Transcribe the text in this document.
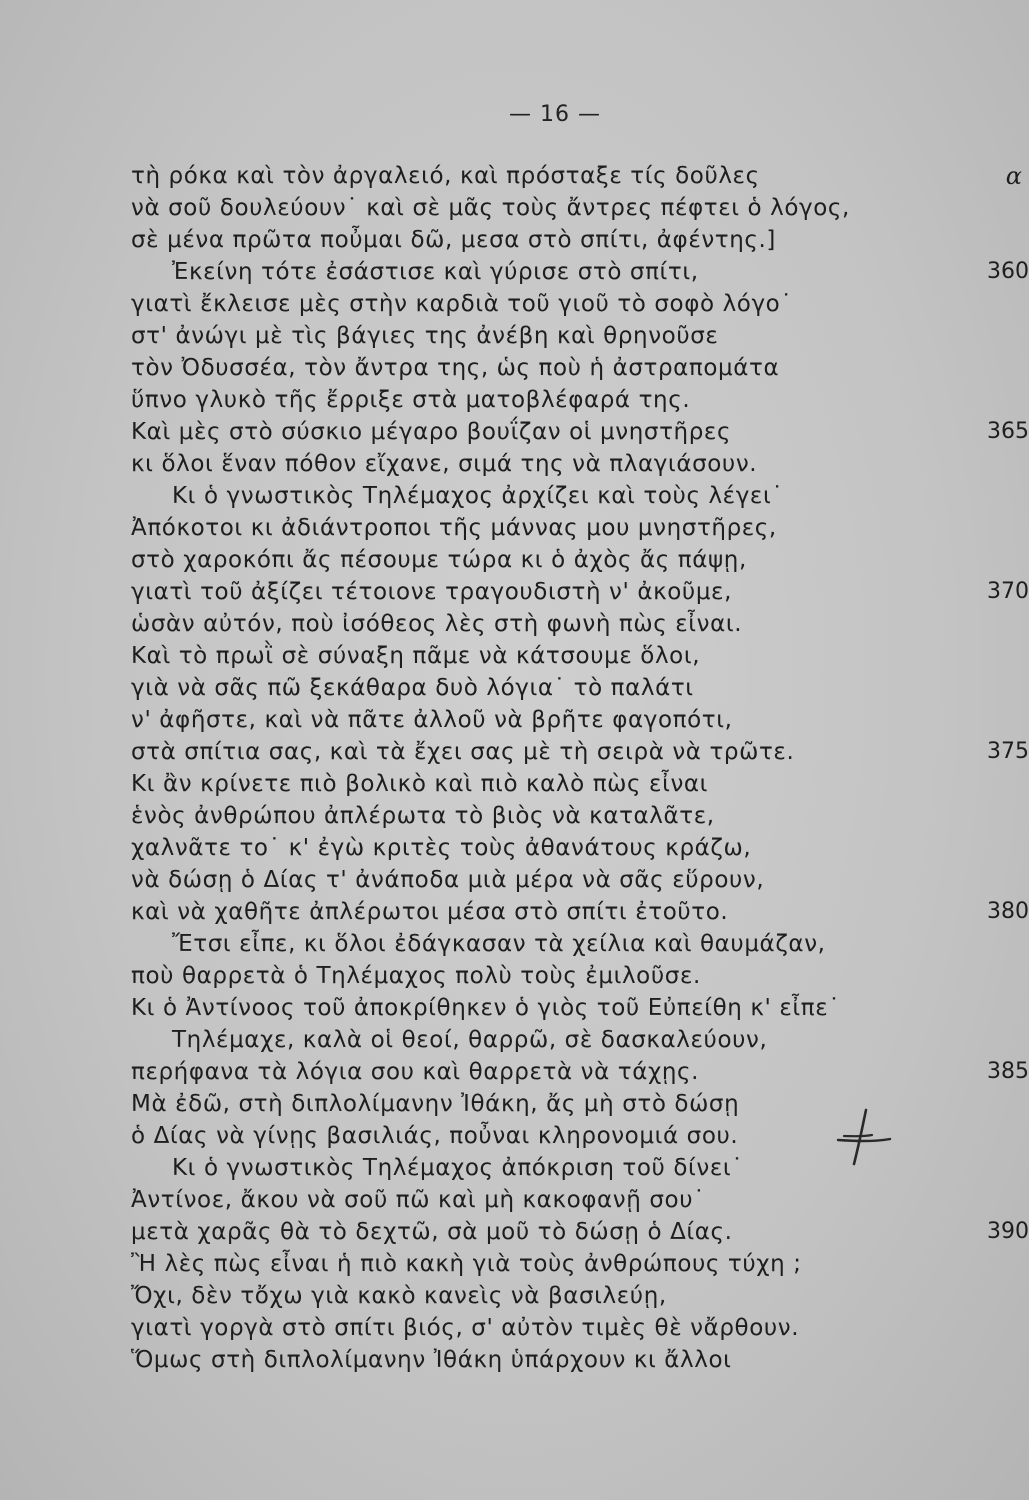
— 16 —
τὴ ρόκα καὶ τὸν ἀργαλειό, καὶ πρόσταξε τίς δοῦλες	α
νὰ σοῦ δουλεύουν˙ καὶ σὲ μᾶς τοὺς ἄντρες πέφτει ὁ λόγος,
σὲ μένα πρῶτα ποὖμαι δῶ, μεσα στὸ σπίτι, ἀφέντης.]
Ἐκείνη τότε ἐσάστισε καὶ γύρισε στὸ σπίτι,	360
γιατὶ ἔκλεισε μὲς στὴν καρδιὰ τοῦ γιοῦ τὸ σοφὸ λόγο˙
στ' ἀνώγι μὲ τὶς βάγιες της ἀνέβη καὶ θρηνοῦσε
τὸν Ὀδυσσέα, τὸν ἄντρα της, ὡς ποὺ ἡ ἀστραπομάτα
ὕπνο γλυκὸ τῆς ἔρριξε στὰ ματοβλέφαρά της.
Καὶ μὲς στὸ σύσκιο μέγαρο βουΐζαν οἱ μνηστῆρες	365
κι ὅλοι ἕναν πόθον εἴχανε, σιμά της νὰ πλαγιάσουν.
Κι ὁ γνωστικὸς Τηλέμαχος ἀρχίζει καὶ τοὺς λέγει˙
Ἀπόκοτοι κι ἀδιάντροποι τῆς μάννας μου μνηστῆρες,
στὸ χαροκόπι ἄς πέσουμε τώρα κι ὁ ἀχὸς ἄς πάψῃ,
γιατὶ τοῦ ἀξίζει τέτοιονε τραγουδιστὴ ν' ἀκοῦμε,	370
ὡσὰν αὐτόν, ποὺ ἰσόθεος λὲς στὴ φωνὴ πὼς εἶναι.
Καὶ τὸ πρωῒ σὲ σύναξη πᾶμε νὰ κάτσουμε ὅλοι,
γιὰ νὰ σᾶς πῶ ξεκάθαρα δυὸ λόγια˙ τὸ παλάτι
ν' ἀφῆστε, καὶ νὰ πᾶτε ἀλλοῦ νὰ βρῆτε φαγοπότι,
στὰ σπίτια σας, καὶ τὰ ἔχει σας μὲ τὴ σειρὰ νὰ τρῶτε.	375
Κι ἂν κρίνετε πιὸ βολικὸ καὶ πιὸ καλὸ πὼς εἶναι
ἑνὸς ἀνθρώπου ἀπλέρωτα τὸ βιὸς νὰ καταλᾶτε,
χαλνᾶτε το˙ κ' ἐγὼ κριτὲς τοὺς ἀθανάτους κράζω,
νὰ δώσῃ ὁ Δίας τ' ἀνάποδα μιὰ μέρα νὰ σᾶς εὕρουν,
καὶ νὰ χαθῆτε ἀπλέρωτοι μέσα στὸ σπίτι ἐτοῦτο.	380
Ἔτσι εἶπε, κι ὅλοι ἐδάγκασαν τὰ χείλια καὶ θαυμάζαν,
ποὺ θαρρετὰ ὁ Τηλέμαχος πολὺ τοὺς ἐμιλοῦσε.
Κι ὁ Ἀντίνοος τοῦ ἀποκρίθηκεν ὁ γιὸς τοῦ Εὐπείθη κ' εἶπε˙
Τηλέμαχε, καλὰ οἱ θεοί, θαρρῶ, σὲ δασκαλεύουν,
περήφανα τὰ λόγια σου καὶ θαρρετὰ νὰ τάχῃς.	385
Μὰ ἐδῶ, στὴ διπλολίμανην Ἰθάκη, ἄς μὴ στὸ δώσῃ
ὁ Δίας νὰ γίνῃς βασιλιάς, ποὖναι κληρονομιά σου.
Κι ὁ γνωστικὸς Τηλέμαχος ἀπόκριση τοῦ δίνει˙
Ἀντίνοε, ἄκου νὰ σοῦ πῶ καὶ μὴ κακοφανῇ σου˙
μετὰ χαρᾶς θὰ τὸ δεχτῶ, σὰ μοῦ τὸ δώσῃ ὁ Δίας.	390
Ἢ λὲς πὼς εἶναι ἡ πιὸ κακὴ γιὰ τοὺς ἀνθρώπους τύχη ;
Ὄχι, δὲν τὄχω γιὰ κακὸ κανεὶς νὰ βασιλεύῃ,
γιατὶ γοργὰ στὸ σπίτι βιός, σ' αὐτὸν τιμὲς θὲ νἄρθουν.
Ὅμως στὴ διπλολίμανην Ἰθάκη ὑπάρχουν κι ἄλλοι
